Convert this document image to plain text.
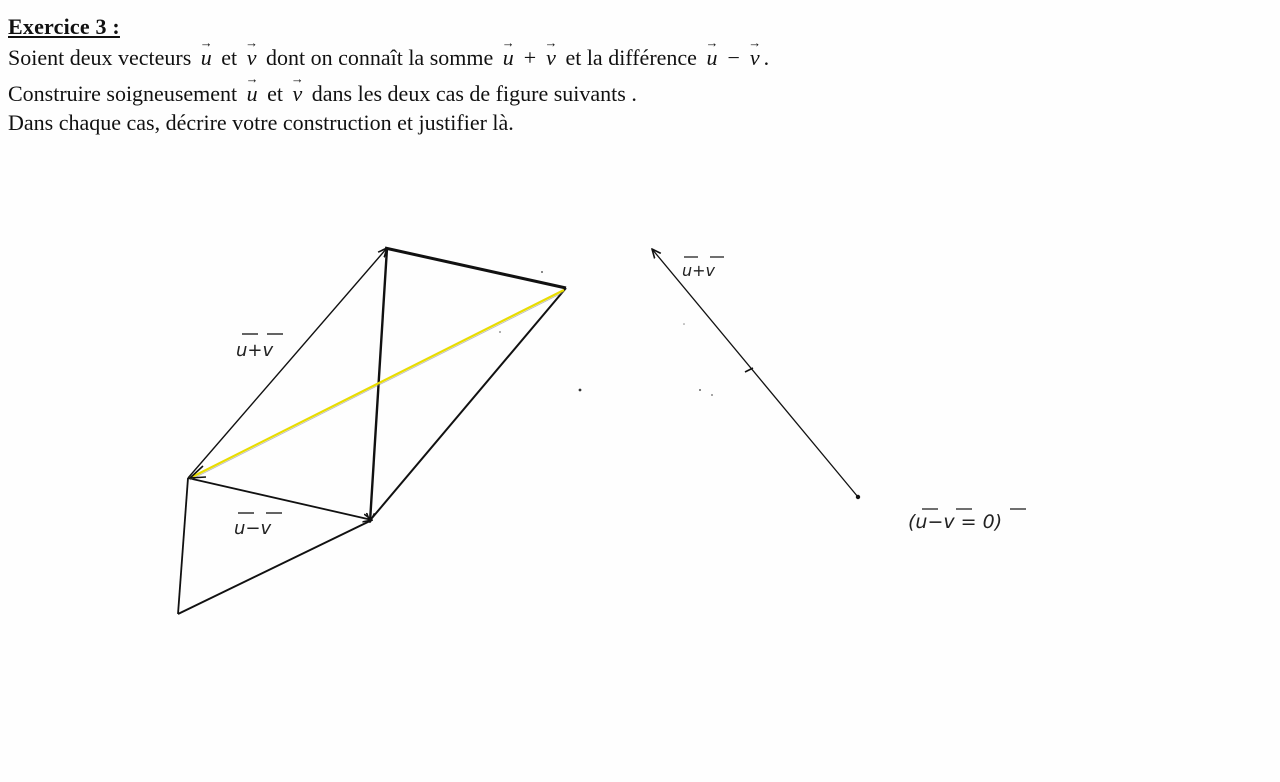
Exercice 3 :
Soient deux vecteurs
→
u et
→
v dont on connaît la somme
→
u +
→
v et la différence
→
u −
→
v .
Construire soigneusement
→
u et
→
v dans les deux cas de figure suivants .
Dans chaque cas, décrire votre construction et justifier là.
u+v
u−v
u+v
(u−v = 0)
